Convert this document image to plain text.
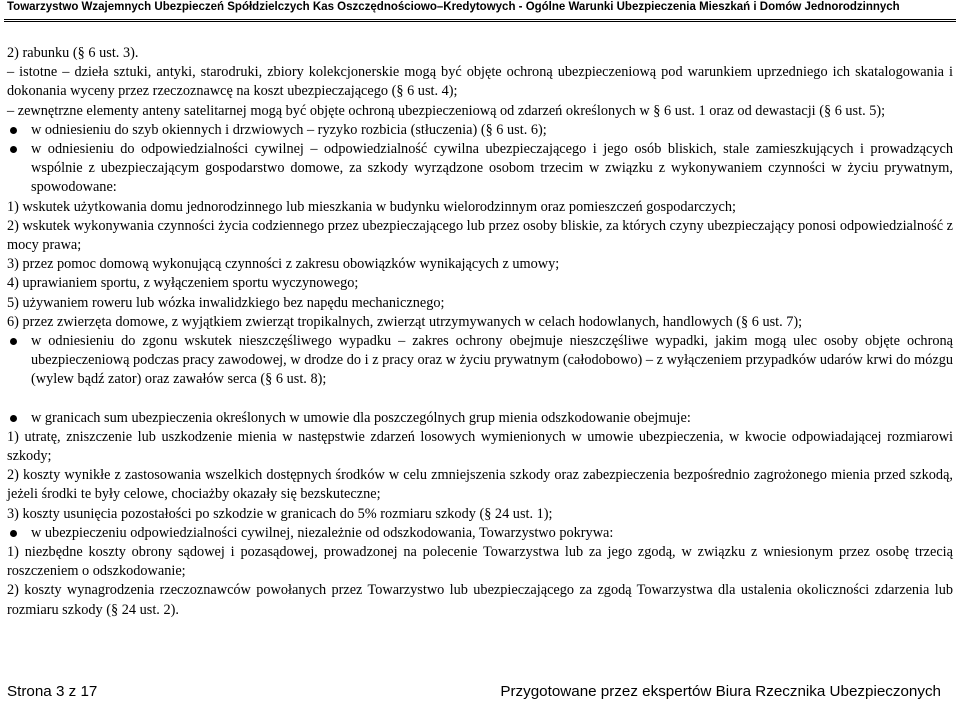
Towarzystwo Wzajemnych Ubezpieczeń Spółdzielczych Kas Oszczędnościowo–Kredytowych - Ogólne Warunki Ubezpieczenia Mieszkań i Domów Jednorodzinnych
2) rabunku (§ 6 ust. 3).
– istotne – dzieła sztuki, antyki, starodruki, zbiory kolekcjonerskie mogą być objęte ochroną ubezpieczeniową pod warunkiem uprzedniego ich skatalogowania i dokonania wyceny przez rzeczoznawcę na koszt ubezpieczającego (§ 6 ust. 4);
– zewnętrzne elementy anteny satelitarnej mogą być objęte ochroną ubezpieczeniową od zdarzeń określonych w § 6 ust. 1 oraz od dewastacji (§ 6 ust. 5);
w odniesieniu do szyb okiennych i drzwiowych – ryzyko rozbicia (stłuczenia) (§ 6 ust. 6);
w odniesieniu do odpowiedzialności cywilnej – odpowiedzialność cywilna ubezpieczającego i jego osób bliskich, stale zamieszkujących i prowadzących wspólnie z ubezpieczającym gospodarstwo domowe, za szkody wyrządzone osobom trzecim w związku z wykonywaniem czynności w życiu prywatnym, spowodowane:
1) wskutek użytkowania domu jednorodzinnego lub mieszkania w budynku wielorodzinnym oraz pomieszczeń gospodarczych;
2) wskutek wykonywania czynności życia codziennego przez ubezpieczającego lub przez osoby bliskie, za których czyny ubezpieczający ponosi odpowiedzialność z mocy prawa;
3) przez pomoc domową wykonującą czynności z zakresu obowiązków wynikających z umowy;
4) uprawianiem sportu, z wyłączeniem sportu wyczynowego;
5) używaniem roweru lub wózka inwalidzkiego bez napędu mechanicznego;
6) przez zwierzęta domowe, z wyjątkiem zwierząt tropikalnych, zwierząt utrzymywanych w celach hodowlanych, handlowych (§ 6 ust. 7);
w odniesieniu do zgonu wskutek nieszczęśliwego wypadku – zakres ochrony obejmuje nieszczęśliwe wypadki, jakim mogą ulec osoby objęte ochroną ubezpieczeniową podczas pracy zawodowej, w drodze do i z pracy oraz w życiu prywatnym (całodobowo) – z wyłączeniem przypadków udarów krwi do mózgu (wylew bądź zator) oraz zawałów serca (§ 6 ust. 8);
w granicach sum ubezpieczenia określonych w umowie dla poszczególnych grup mienia odszkodowanie obejmuje:
1) utratę, zniszczenie lub uszkodzenie mienia w następstwie zdarzeń losowych wymienionych w umowie ubezpieczenia, w kwocie odpowiadającej rozmiarowi szkody;
2) koszty wynikłe z zastosowania wszelkich dostępnych środków w celu zmniejszenia szkody oraz zabezpieczenia bezpośrednio zagrożonego mienia przed szkodą, jeżeli środki te były celowe, chociażby okazały się bezskuteczne;
3) koszty usunięcia pozostałości po szkodzie w granicach do 5% rozmiaru szkody (§ 24 ust. 1);
w ubezpieczeniu odpowiedzialności cywilnej, niezależnie od odszkodowania, Towarzystwo pokrywa:
1) niezbędne koszty obrony sądowej i pozasądowej, prowadzonej na polecenie Towarzystwa lub za jego zgodą, w związku z wniesionym przez osobę trzecią roszczeniem o odszkodowanie;
2) koszty wynagrodzenia rzeczoznawców powołanych przez Towarzystwo lub ubezpieczającego za zgodą Towarzystwa dla ustalenia okoliczności zdarzenia lub rozmiaru szkody (§ 24 ust. 2).
Strona 3 z 17	Przygotowane przez ekspertów Biura Rzecznika Ubezpieczonych
